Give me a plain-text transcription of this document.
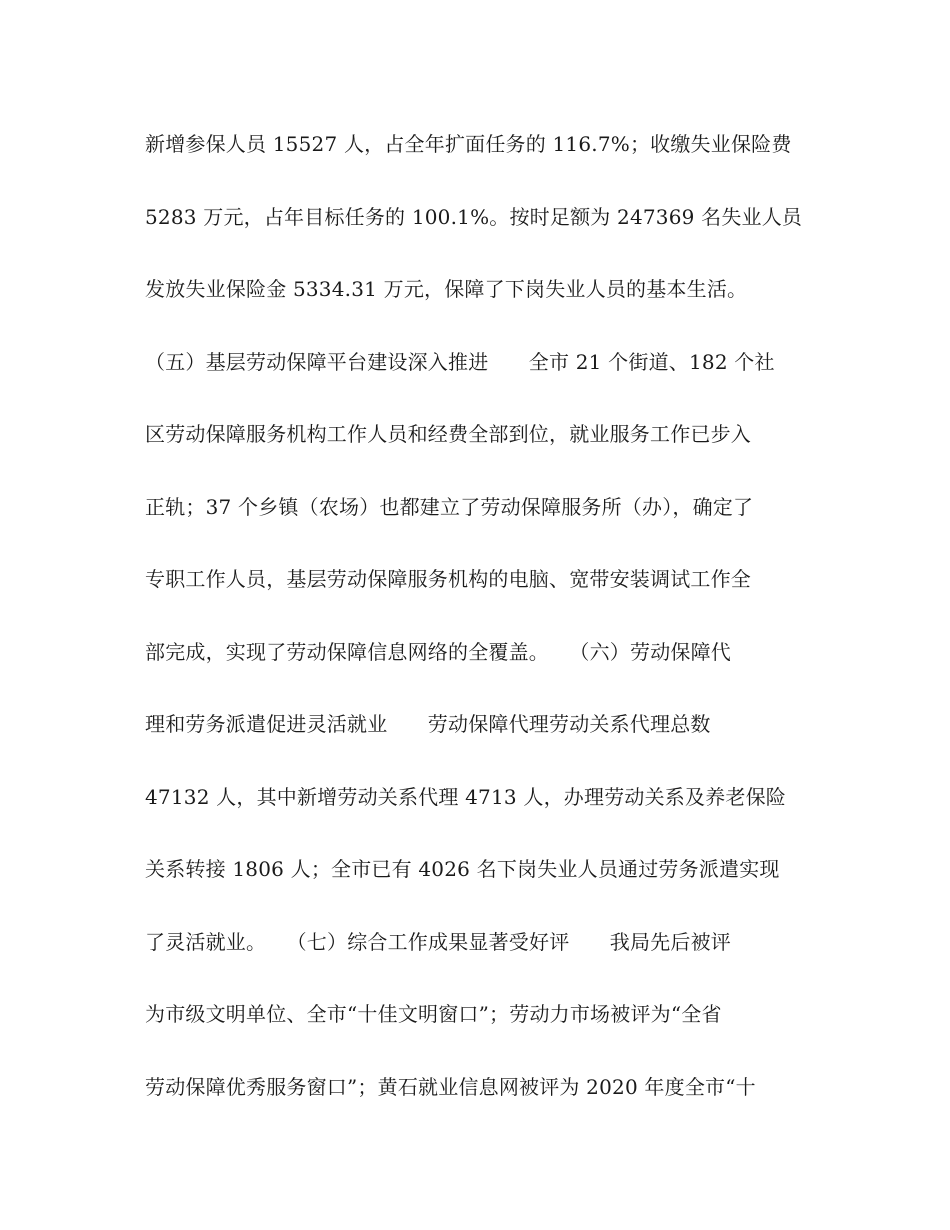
新增参保人员 15527 人，占全年扩面任务的 116.7%；收缴失业保险费
5283 万元，占年目标任务的 100.1%。按时足额为 247369 名失业人员
发放失业保险金 5334.31 万元，保障了下岗失业人员的基本生活。
（五）基层劳动保障平台建设深入推进　　全市 21 个街道、182 个社
区劳动保障服务机构工作人员和经费全部到位，就业服务工作已步入
正轨；37 个乡镇（农场）也都建立了劳动保障服务所（办），确定了
专职工作人员，基层劳动保障服务机构的电脑、宽带安装调试工作全
部完成，实现了劳动保障信息网络的全覆盖。　　（六）劳动保障代
理和劳务派遣促进灵活就业　　劳动保障代理劳动关系代理总数
47132 人，其中新增劳动关系代理 4713 人，办理劳动关系及养老保险
关系转接 1806 人；全市已有 4026 名下岗失业人员通过劳务派遣实现
了灵活就业。　　（七）综合工作成果显著受好评　　我局先后被评
为市级文明单位、全市“十佳文明窗口”；劳动力市场被评为“全省
劳动保障优秀服务窗口”；黄石就业信息网被评为 2020 年度全市“十
